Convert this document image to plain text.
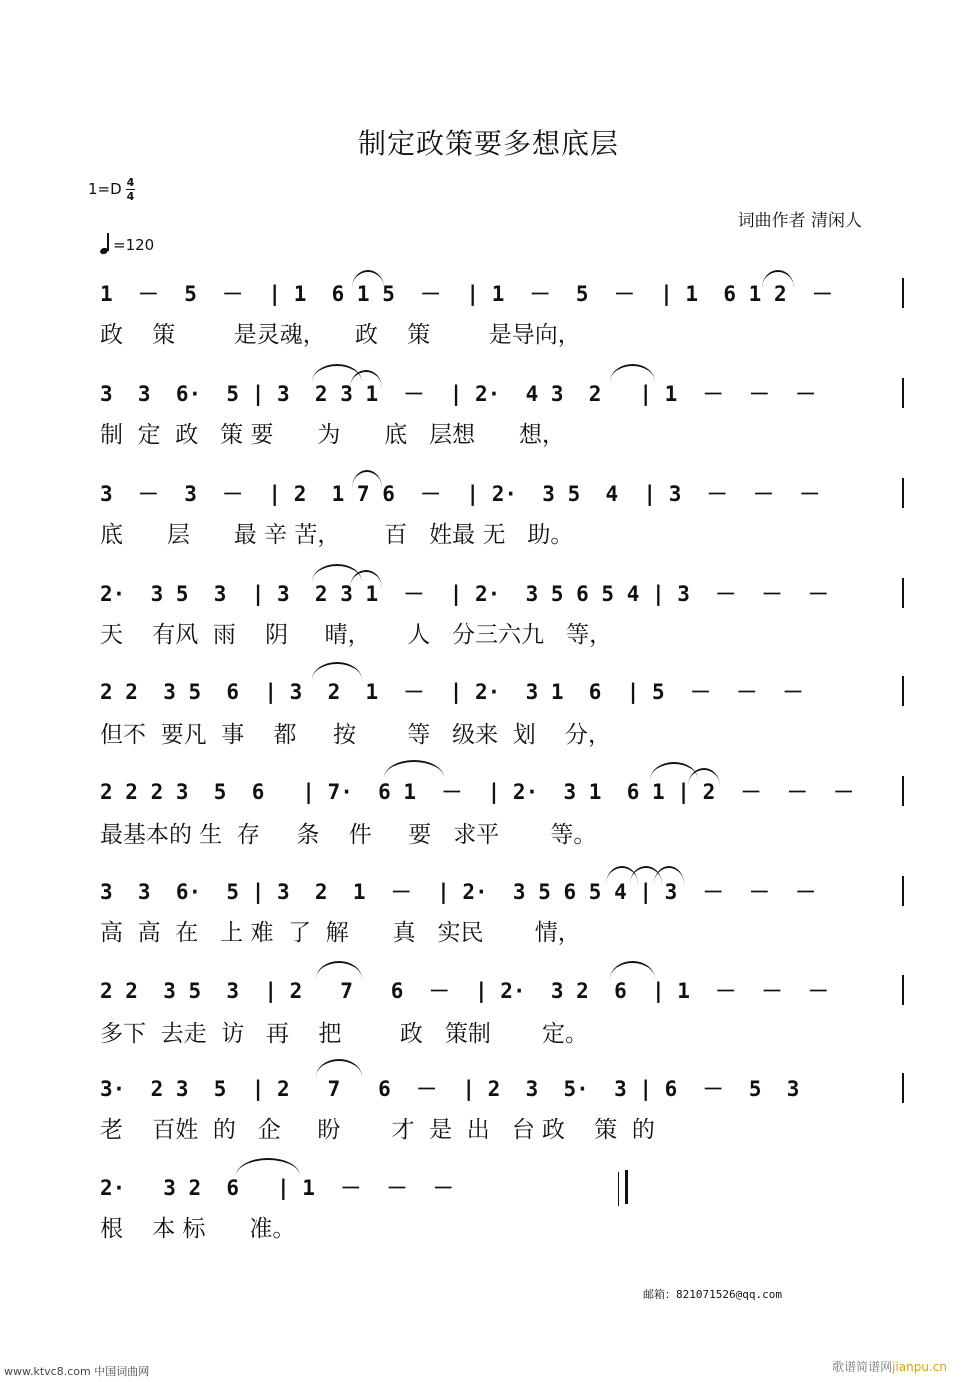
制定政策要多想底层
1=D 4
4
=120
词曲作者 清闲人
1  －  5  －  | 1  6 1 5  －  | 1  －  5  －  | 1  6 1 2  －
政    策        是灵魂，    政    策        是导向，
3  3  6·  5 | 3  2 3 1  －  | 2·  4 3  2   | 1  －  －  －
制  定  政   策 要      为      底   层想      想，
3  －  3  －  | 2  1 7 6  －  | 2·  3 5  4  | 3  －  －  －
底      层      最 辛 苦，      百   姓最 无   助。
2·  3 5  3  | 3  2 3 1  －  | 2·  3 5 6 5 4 | 3  －  －  －
天    有风  雨    阴     晴，     人   分三六九   等，
2 2  3 5  6  | 3  2  1  －  | 2·  3 1  6  | 5  －  －  －
但不  要凡  事    都     按       等   级来  划    分，
2 2 2 3  5  6   | 7·  6 1  －  | 2·  3 1  6 1 | 2  －  －  －
最基本的 生  存     条    件     要   求平       等。
3  3  6·  5 | 3  2  1  －  | 2·  3 5 6 5 4 | 3  －  －  －
高  高  在   上 难  了  解      真   实民       情，
2 2  3 5  3  | 2   7   6  －  | 2·  3 2  6  | 1  －  －  －
多下  去走  访   再    把        政   策制       定。
3·  2 3  5  | 2   7   6  －  | 2  3  5·  3 | 6  －  5  3
老    百姓  的   企     盼       才  是  出   台 政    策  的
2·   3 2  6   | 1  －  －  －
根    本 标      准。
邮箱：821071526@qq.com
www.ktvc8.com 中国词曲网	歌谱简谱网jianpu.cn
